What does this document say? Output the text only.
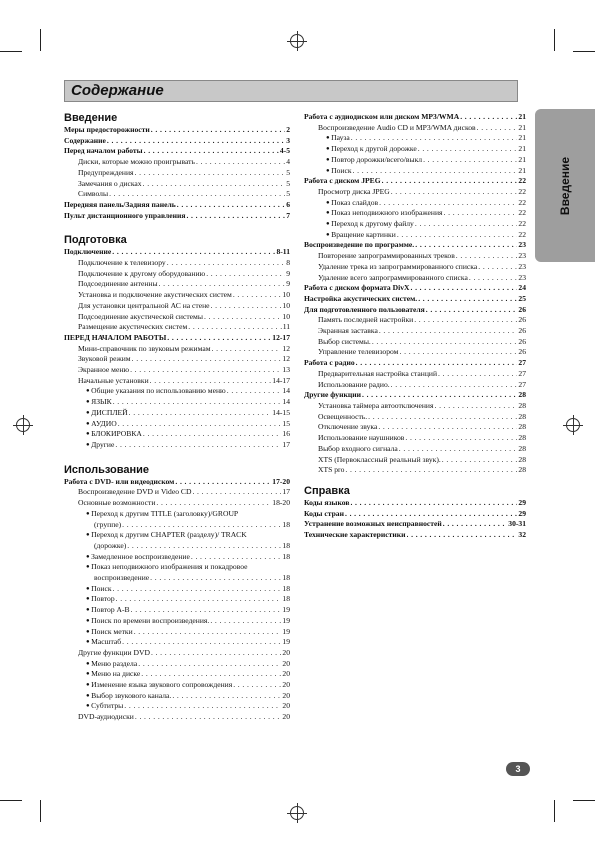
Содержание
Введение
Введение
Меры предосторожности . . .	2
Содержание . . .	3
Перед началом работы . . .	4-5
Диски, которые можно проигрывать . . .	4
Предупреждения . . .	5
Замечания о дисках . . .	5
Символы . . .	5
Передняя панель/Задняя панель . . .	6
Пульт дистанционного управления . . .	7
Подготовка
Подключение . . .	8-11
Подключение к телевизору . . .	8
Подключение к другому оборудованию . . .	9
Подсоединение антенны . . .	9
Установка и подключение акустических систем . . .	10
Для установки центральной АС на стене . . .	10
Подсоединение акустической системы . . .	10
Размещение акустических систем . . .	11
ПЕРЕД НАЧАЛОМ РАБОТЫ . . .	12-17
Мини-справочник по звуковым режимам . . .	12
Звуковой режим . . .	12
Экранное меню . . .	13
Начальные установки . . .	14-17
● Общие указания по использованию меню . . .	14
● ЯЗЫК . . .	14
● ДИСПЛЕЙ . . .	14-15
● АУДИО . . .	15
● БЛОКИРОВКА . . .	16
● Другие . . .	17
Использование
Работа с DVD- или видеодиском . . .	17-20
Воспроизведение DVD и Video CD . . .	17
Основные возможности . . .	18-20
● Переход к другим TITLE (заголовку)/GROUP
(группе) . . .	18
● Переход к другим CHAPTER (разделу)/ TRACK
(дорожке) . . .	18
● Замедленное воспроизведение . . .	18
● Показ неподвижного изображения и покадровое
воспроизведение . . .	18
● Поиск . . .	18
● Повтор . . .	18
● Повтор A-B . . .	19
● Поиск по времени воспроизведения. . . .	19
● Поиск метки . . .	19
● Масштаб . . .	19
Другие функции DVD . . .	20
● Меню раздела . . .	20
● Меню на диске . . .	20
● Изменение языка звукового сопровождения . . .	20
● Выбор звукового канала. . . .	20
● Субтитры . . .	20
DVD-аудиодиски . . .	20
Работа с аудиодиском или диском MP3/WMA . . .	21
Воспроизведение Audio CD и MP3/WMA дисков . . .	21
● Пауза . . .	21
● Переход к другой дорожке . . .	21
● Повтор дорожки/всего/выкл . . .	21
● Поиск . . .	21
Работа с диском JPEG . . .	22
Просмотр диска JPEG . . .	22
● Показ слайдов . . .	22
● Показ неподвижного изображения . . .	22
● Переход к другому файлу . . .	22
● Вращение картинки . . .	22
Воспроизведение по программе. . . .	23
Повторение запрограммированных треков . . .	23
Удаление трека из запрограммированного списка . . .	23
Удаление всего запрограммированного списка . . .	23
Работа с диском формата DivX . . .	24
Настройка акустических систем. . . .	25
Для подготовленного пользователя . . .	26
Память последней настройки . . .	26
Экранная заставка . . .	26
Выбор системы. . . .	26
Управление телевизором . . .	26
Работа с радио . . .	27
Предварительная настройка станций . . .	27
Использование радио. . . .	27
Другие функции . . .	28
Установка таймера автоотключения . . .	28
Освещенность. . . .	28
Отключение звука . . .	28
Использование наушников . . .	28
Выбор входного сигнала . . .	28
XTS (Первоклассный реальный звук). . . .	28
XTS pro . . .	28
Справка
Коды языков . . .	29
Коды стран . . .	29
Устранение возможных неисправностей . . .	30-31
Технические характеристики . . .	32
3
